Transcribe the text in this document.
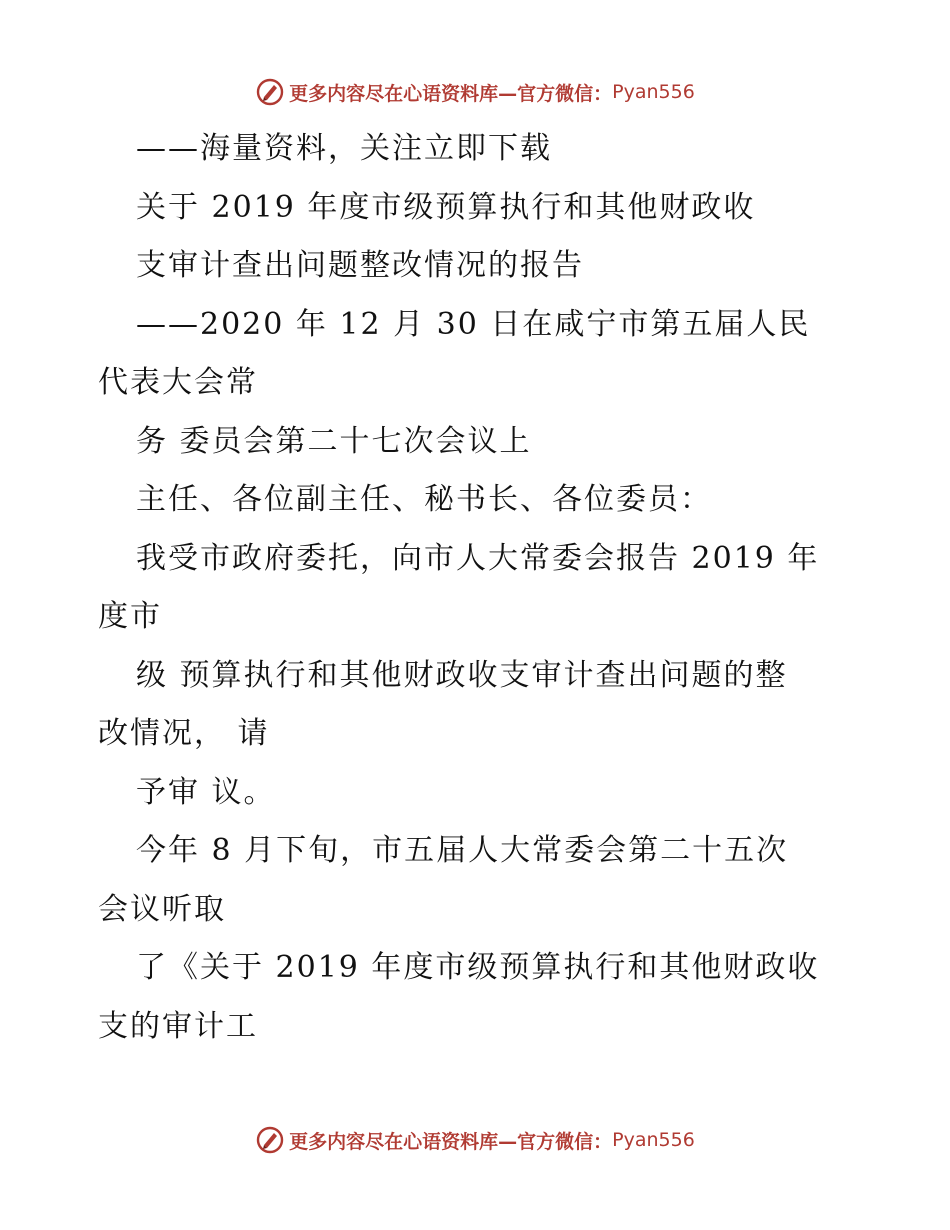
更多内容尽在心语资料库—官方微信： Pyan556
——海量资料，关注立即下载
关于 2019 年度市级预算执行和其他财政收
支审计查出问题整改情况的报告
——2020 年 12 月 30 日在咸宁市第五届人民
代表大会常
务 委员会第二十七次会议上
主任、各位副主任、秘书长、各位委员：
我受市政府委托，向市人大常委会报告 2019 年
度市
级 预算执行和其他财政收支审计查出问题的整
改情况， 请
予审 议。
今年 8 月下旬，市五届人大常委会第二十五次
会议听取
了《关于 2019 年度市级预算执行和其他财政收
支的审计工
更多内容尽在心语资料库—官方微信： Pyan556
